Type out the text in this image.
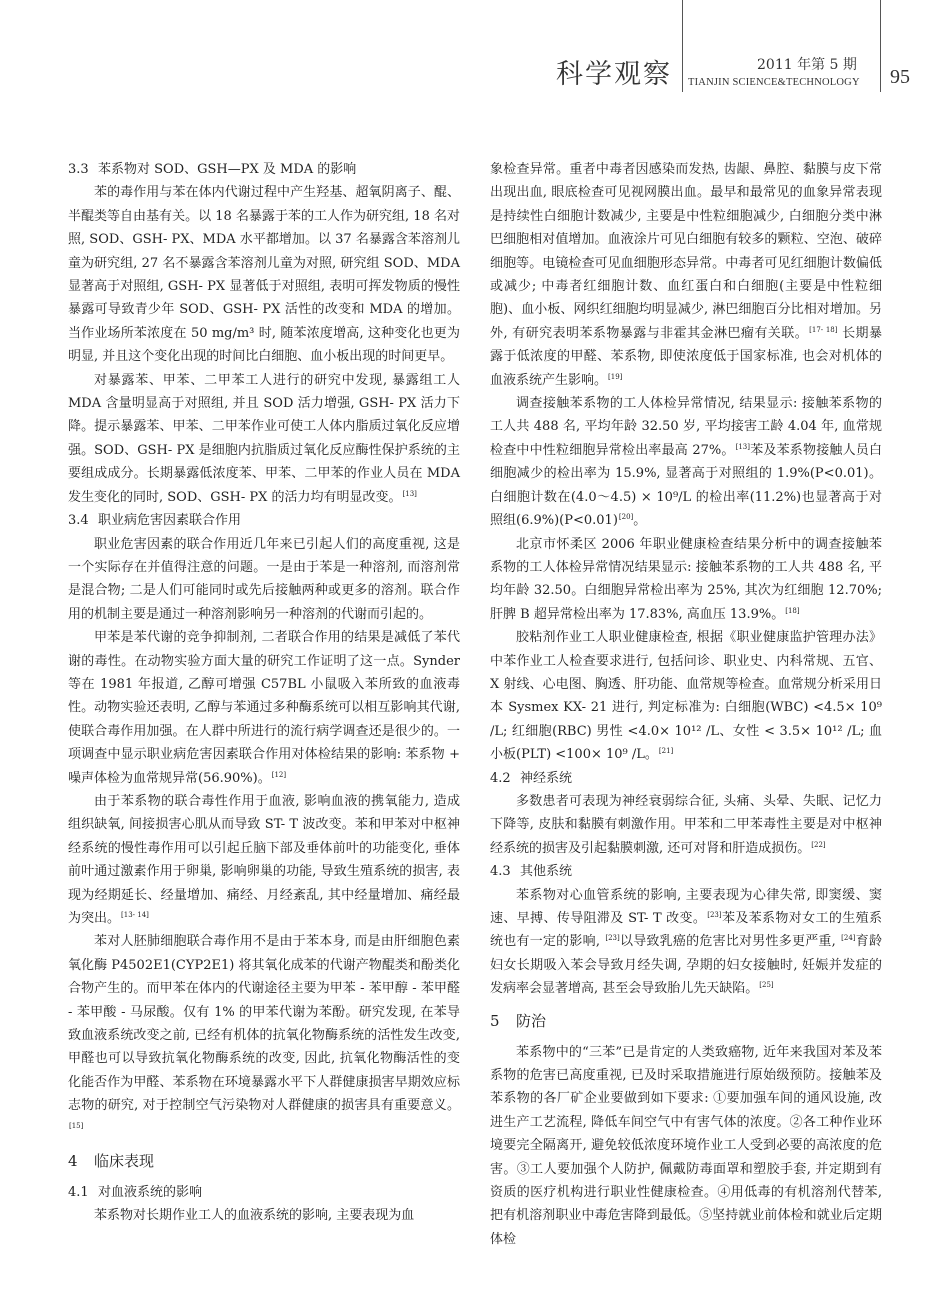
科学观察	2011 年第 5 期
TIANJIN SCIENCE&TECHNOLOGY 95
3.3 苯系物对 SOD、GSH—PX 及 MDA 的影响

苯的毒作用与苯在体内代谢过程中产生羟基、超氧阴离子、醌、半醌类等自由基有关。以 18 名暴露于苯的工人作为研究组, 18 名对照, SOD、GSH- PX、MDA 水平都增加。以 37 名暴露含苯溶剂儿童为研究组, 27 名不暴露含苯溶剂儿童为对照, 研究组 SOD、MDA 显著高于对照组, GSH- PX 显著低于对照组, 表明可挥发物质的慢性暴露可导致青少年 SOD、GSH- PX 活性的改变和 MDA 的增加。当作业场所苯浓度在 50 mg/m³ 时, 随苯浓度增高, 这种变化也更为明显, 并且这个变化出现的时间比白细胞、血小板出现的时间更早。

对暴露苯、甲苯、二甲苯工人进行的研究中发现, 暴露组工人 MDA 含量明显高于对照组, 并且 SOD 活力增强, GSH- PX 活力下降。提示暴露苯、甲苯、二甲苯作业可使工人体内脂质过氧化反应增强。SOD、GSH- PX 是细胞内抗脂质过氧化反应酶性保护系统的主要组成成分。长期暴露低浓度苯、甲苯、二甲苯的作业人员在 MDA 发生变化的同时, SOD、GSH- PX 的活力均有明显改变。[13]

3.4 职业病危害因素联合作用

职业危害因素的联合作用近几年来已引起人们的高度重视, 这是一个实际存在并值得注意的问题。一是由于苯是一种溶剂, 而溶剂常是混合物; 二是人们可能同时或先后接触两种或更多的溶剂。联合作用的机制主要是通过一种溶剂影响另一种溶剂的代谢而引起的。

甲苯是苯代谢的竞争抑制剂, 二者联合作用的结果是减低了苯代谢的毒性。在动物实验方面大量的研究工作证明了这一点。Synder 等在 1981 年报道, 乙醇可增强 C57BL 小鼠吸入苯所致的血液毒性。动物实验还表明, 乙醇与苯通过多种酶系统可以相互影响其代谢, 使联合毒作用加强。在人群中所进行的流行病学调查还是很少的。一项调查中显示职业病危害因素联合作用对体检结果的影响: 苯系物 + 噪声体检为血常规异常(56.90%)。[12]

由于苯系物的联合毒性作用于血液, 影响血液的携氧能力, 造成组织缺氧, 间接损害心肌从而导致 ST- T 波改变。苯和甲苯对中枢神经系统的慢性毒作用可以引起丘脑下部及垂体前叶的功能变化, 垂体前叶通过激素作用于卵巢, 影响卵巢的功能, 导致生殖系统的损害, 表现为经期延长、经量增加、痛经、月经紊乱, 其中经量增加、痛经最为突出。[13- 14]

苯对人胚肺细胞联合毒作用不是由于苯本身, 而是由肝细胞色素氧化酶 P4502E1(CYP2E1) 将其氧化成苯的代谢产物醌类和酚类化合物产生的。而甲苯在体内的代谢途径主要为甲苯 - 苯甲醇 - 苯甲醛 - 苯甲酸 - 马尿酸。仅有 1% 的甲苯代谢为苯酚。研究发现, 在苯导致血液系统改变之前, 已经有机体的抗氧化物酶系统的活性发生改变, 甲醛也可以导致抗氧化物酶系统的改变, 因此, 抗氧化物酶活性的变化能否作为甲醛、苯系物在环境暴露水平下人群健康损害早期效应标志物的研究, 对于控制空气污染物对人群健康的损害具有重要意义。[15]

4 临床表现
4.1 对血液系统的影响

苯系物对长期作业工人的血液系统的影响, 主要表现为血

象检查异常。重者中毒者因感染而发热, 齿龈、鼻腔、黏膜与皮下常出现出血, 眼底检查可见视网膜出血。最早和最常见的血象异常表现是持续性白细胞计数减少, 主要是中性粒细胞减少, 白细胞分类中淋巴细胞相对值增加。血液涂片可见白细胞有较多的颗粒、空泡、破碎细胞等。电镜检查可见血细胞形态异常。中毒者可见红细胞计数偏低或减少; 中毒者红细胞计数、血红蛋白和白细胞(主要是中性粒细胞)、血小板、网织红细胞均明显减少, 淋巴细胞百分比相对增加。另外, 有研究表明苯系物暴露与非霍其金淋巴瘤有关联。[17- 18] 长期暴露于低浓度的甲醛、苯系物, 即使浓度低于国家标准, 也会对机体的血液系统产生影响。[19]

调查接触苯系物的工人体检异常情况, 结果显示: 接触苯系物的工人共 488 名, 平均年龄 32.50 岁, 平均接害工龄 4.04 年, 血常规检查中中性粒细胞异常检出率最高 27%。[13]苯及苯系物接触人员白细胞减少的检出率为 15.9%, 显著高于对照组的 1.9%(P<0.01)。白细胞计数在(4.0～4.5) × 10⁹/L 的检出率(11.2%)也显著高于对照组(6.9%)(P<0.01)[20]。

北京市怀柔区 2006 年职业健康检查结果分析中的调查接触苯系物的工人体检异常情况结果显示: 接触苯系物的工人共 488 名, 平均年龄 32.50。白细胞异常检出率为 25%, 其次为红细胞 12.70%; 肝脾 B 超异常检出率为 17.83%, 高血压 13.9%。[18]

胶粘剂作业工人职业健康检查, 根据《职业健康监护管理办法》中苯作业工人检查要求进行, 包括问诊、职业史、内科常规、五官、X 射线、心电图、胸透、肝功能、血常规等检查。血常规分析采用日本 Sysmex KX- 21 进行, 判定标准为: 白细胞(WBC) <4.5× 10⁹ /L; 红细胞(RBC) 男性 <4.0× 10¹² /L、女性 < 3.5× 10¹² /L; 血小板(PLT) <100× 10⁹ /L。[21]

4.2 神经系统

多数患者可表现为神经衰弱综合征, 头痛、头晕、失眠、记忆力下降等, 皮肤和黏膜有刺激作用。甲苯和二甲苯毒性主要是对中枢神经系统的损害及引起黏膜刺激, 还可对肾和肝造成损伤。[22]

4.3 其他系统

苯系物对心血管系统的影响, 主要表现为心律失常, 即窦缓、窦速、早搏、传导阻滞及 ST- T 改变。[23]苯及苯系物对女工的生殖系统也有一定的影响, [23]以导致乳癌的危害比对男性多更严重, [24]育龄妇女长期吸入苯会导致月经失调, 孕期的妇女接触时, 妊娠并发症的发病率会显著增高, 甚至会导致胎儿先天缺陷。[25]

5 防治

苯系物中的“三苯”已是肯定的人类致癌物, 近年来我国对苯及苯系物的危害已高度重视, 已及时采取措施进行原始级预防。接触苯及苯系物的各厂矿企业要做到如下要求: ①要加强车间的通风设施, 改进生产工艺流程, 降低车间空气中有害气体的浓度。②各工种作业环境要完全隔离开, 避免较低浓度环境作业工人受到必要的高浓度的危害。③工人要加强个人防护, 佩戴防毒面罩和塑胶手套, 并定期到有资质的医疗机构进行职业性健康检查。④用低毒的有机溶剂代替苯, 把有机溶剂职业中毒危害降到最低。⑤坚持就业前体检和就业后定期体检
